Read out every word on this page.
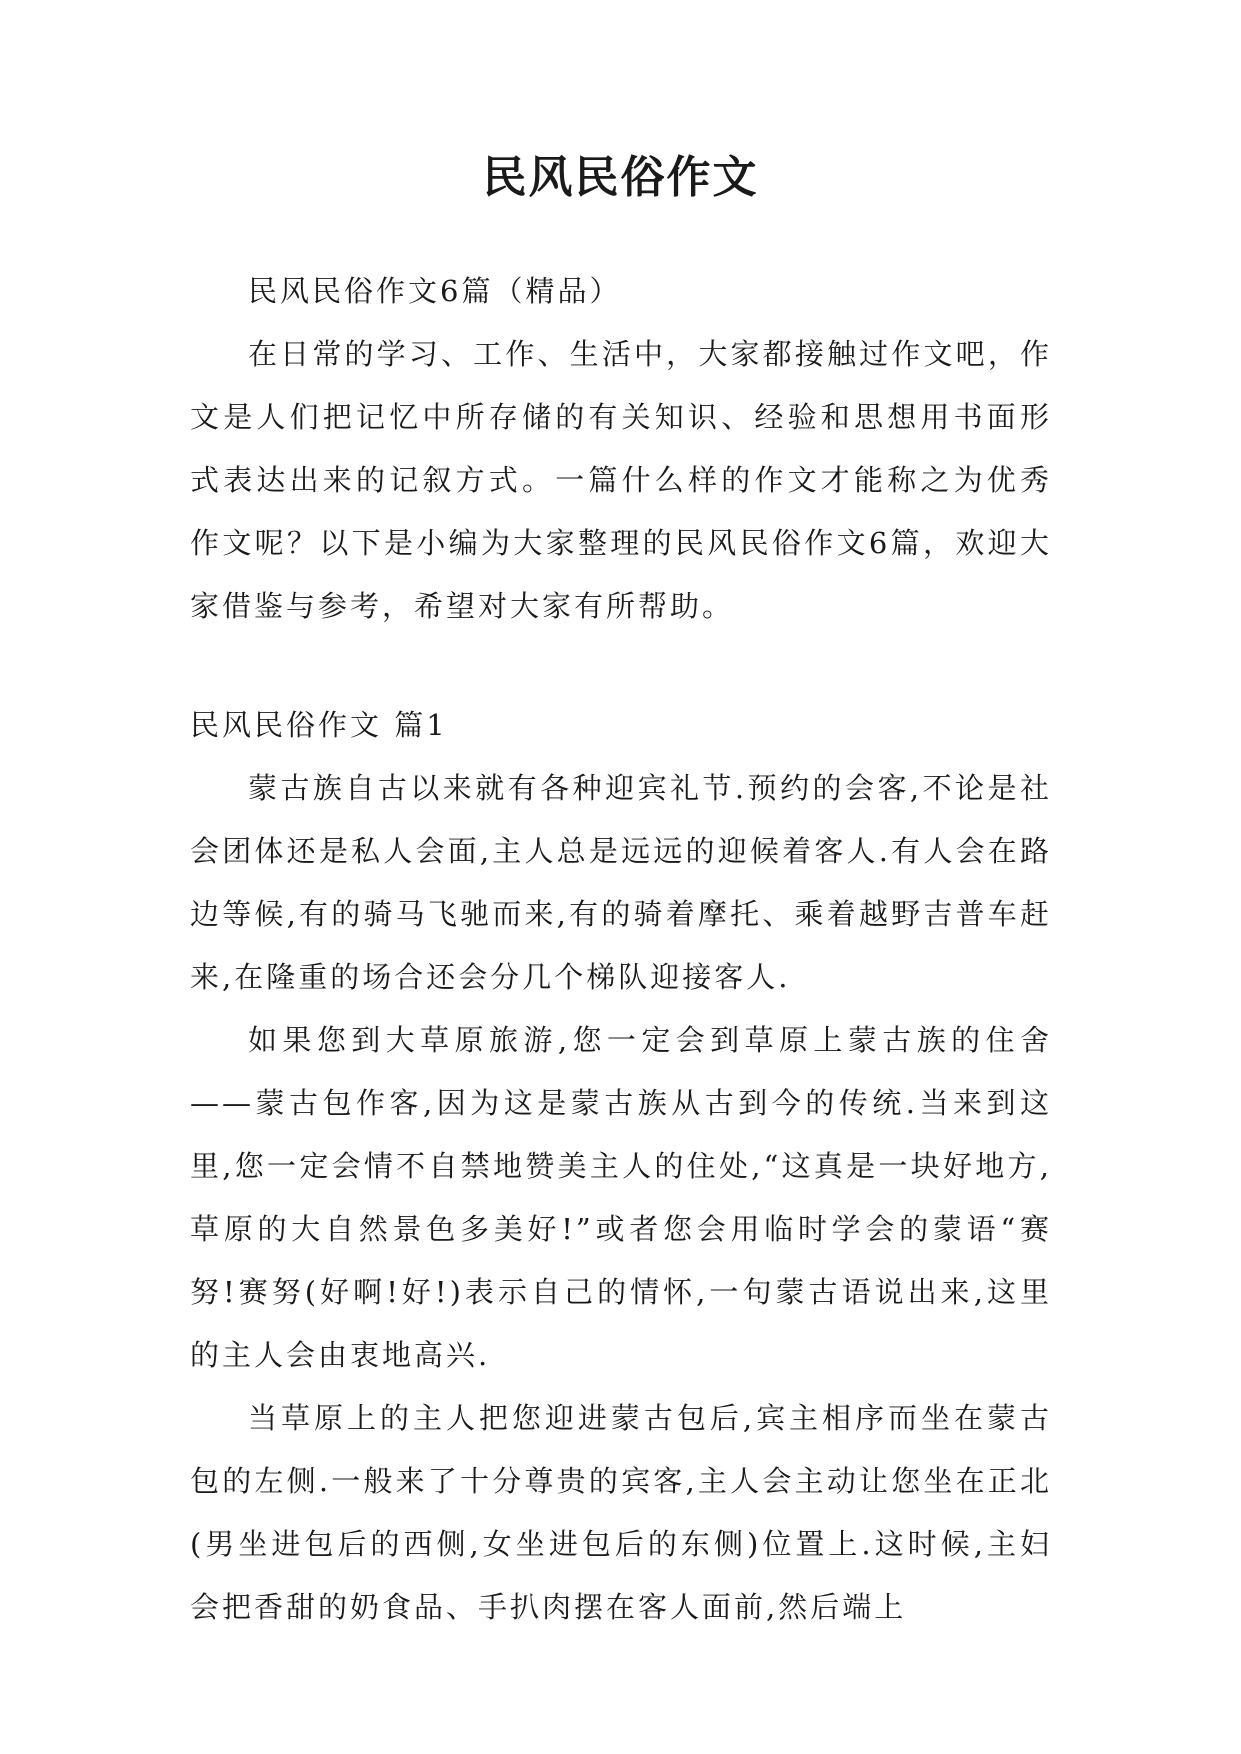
民风民俗作文

民风民俗作文6篇（精品）

在日常的学习、工作、生活中，大家都接触过作文吧，作文是人们把记忆中所存储的有关知识、经验和思想用书面形式表达出来的记叙方式。一篇什么样的作文才能称之为优秀作文呢？以下是小编为大家整理的民风民俗作文6篇，欢迎大家借鉴与参考，希望对大家有所帮助。

民风民俗作文 篇1

蒙古族自古以来就有各种迎宾礼节.预约的会客,不论是社会团体还是私人会面,主人总是远远的迎候着客人.有人会在路边等候,有的骑马飞驰而来,有的骑着摩托、乘着越野吉普车赶来,在隆重的场合还会分几个梯队迎接客人.

如果您到大草原旅游,您一定会到草原上蒙古族的住舍——蒙古包作客,因为这是蒙古族从古到今的传统.当来到这里,您一定会情不自禁地赞美主人的住处,“这真是一块好地方,草原的大自然景色多美好!”或者您会用临时学会的蒙语“赛努!赛努(好啊!好!)表示自己的情怀,一句蒙古语说出来,这里的主人会由衷地高兴.

当草原上的主人把您迎进蒙古包后,宾主相序而坐在蒙古包的左侧.一般来了十分尊贵的宾客,主人会主动让您坐在正北(男坐进包后的西侧,女坐进包后的东侧)位置上.这时候,主妇会把香甜的奶食品、手扒肉摆在客人面前,然后端上
